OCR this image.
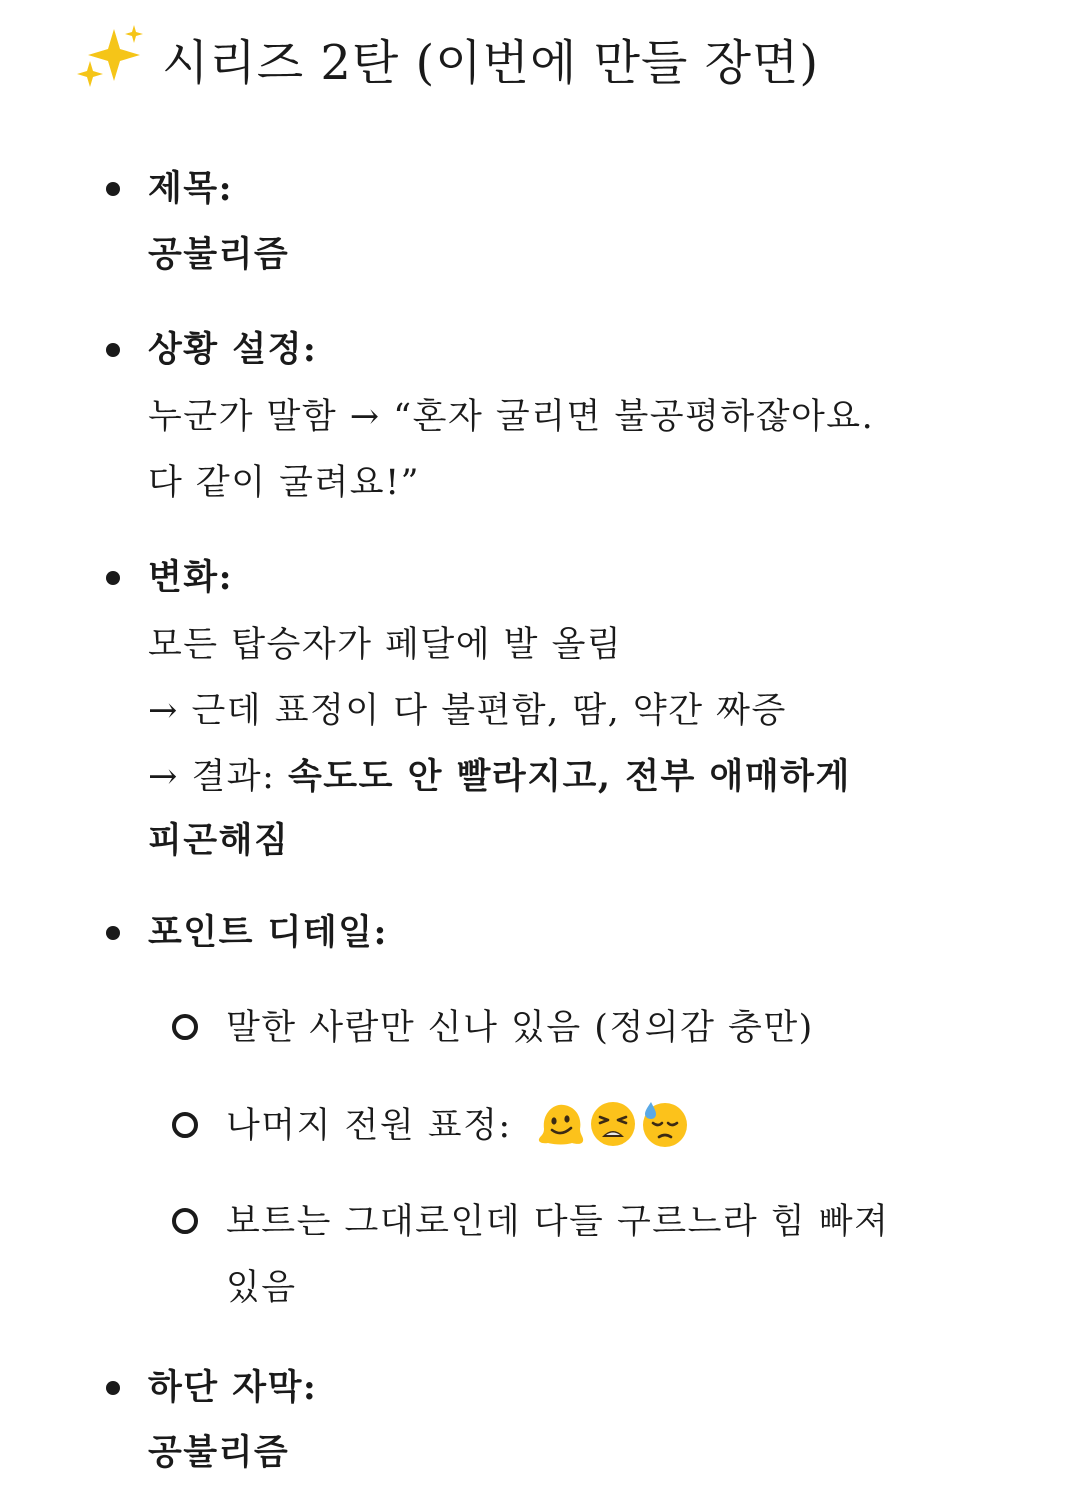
시리즈 2탄 (이번에 만들 장면)
제목:
공불리즘
상황 설정:
누군가 말함 → “혼자 굴리면 불공평하잖아요.
다 같이 굴려요!”
변화:
모든 탑승자가 페달에 발 올림
→ 근데 표정이 다 불편함, 땀, 약간 짜증
→ 결과: 속도도 안 빨라지고, 전부 애매하게
피곤해짐
포인트 디테일:
말한 사람만 신나 있음 (정의감 충만)
나머지 전원 표정:
보트는 그대로인데 다들 구르느라 힘 빠져
있음
하단 자막:
공불리즘
